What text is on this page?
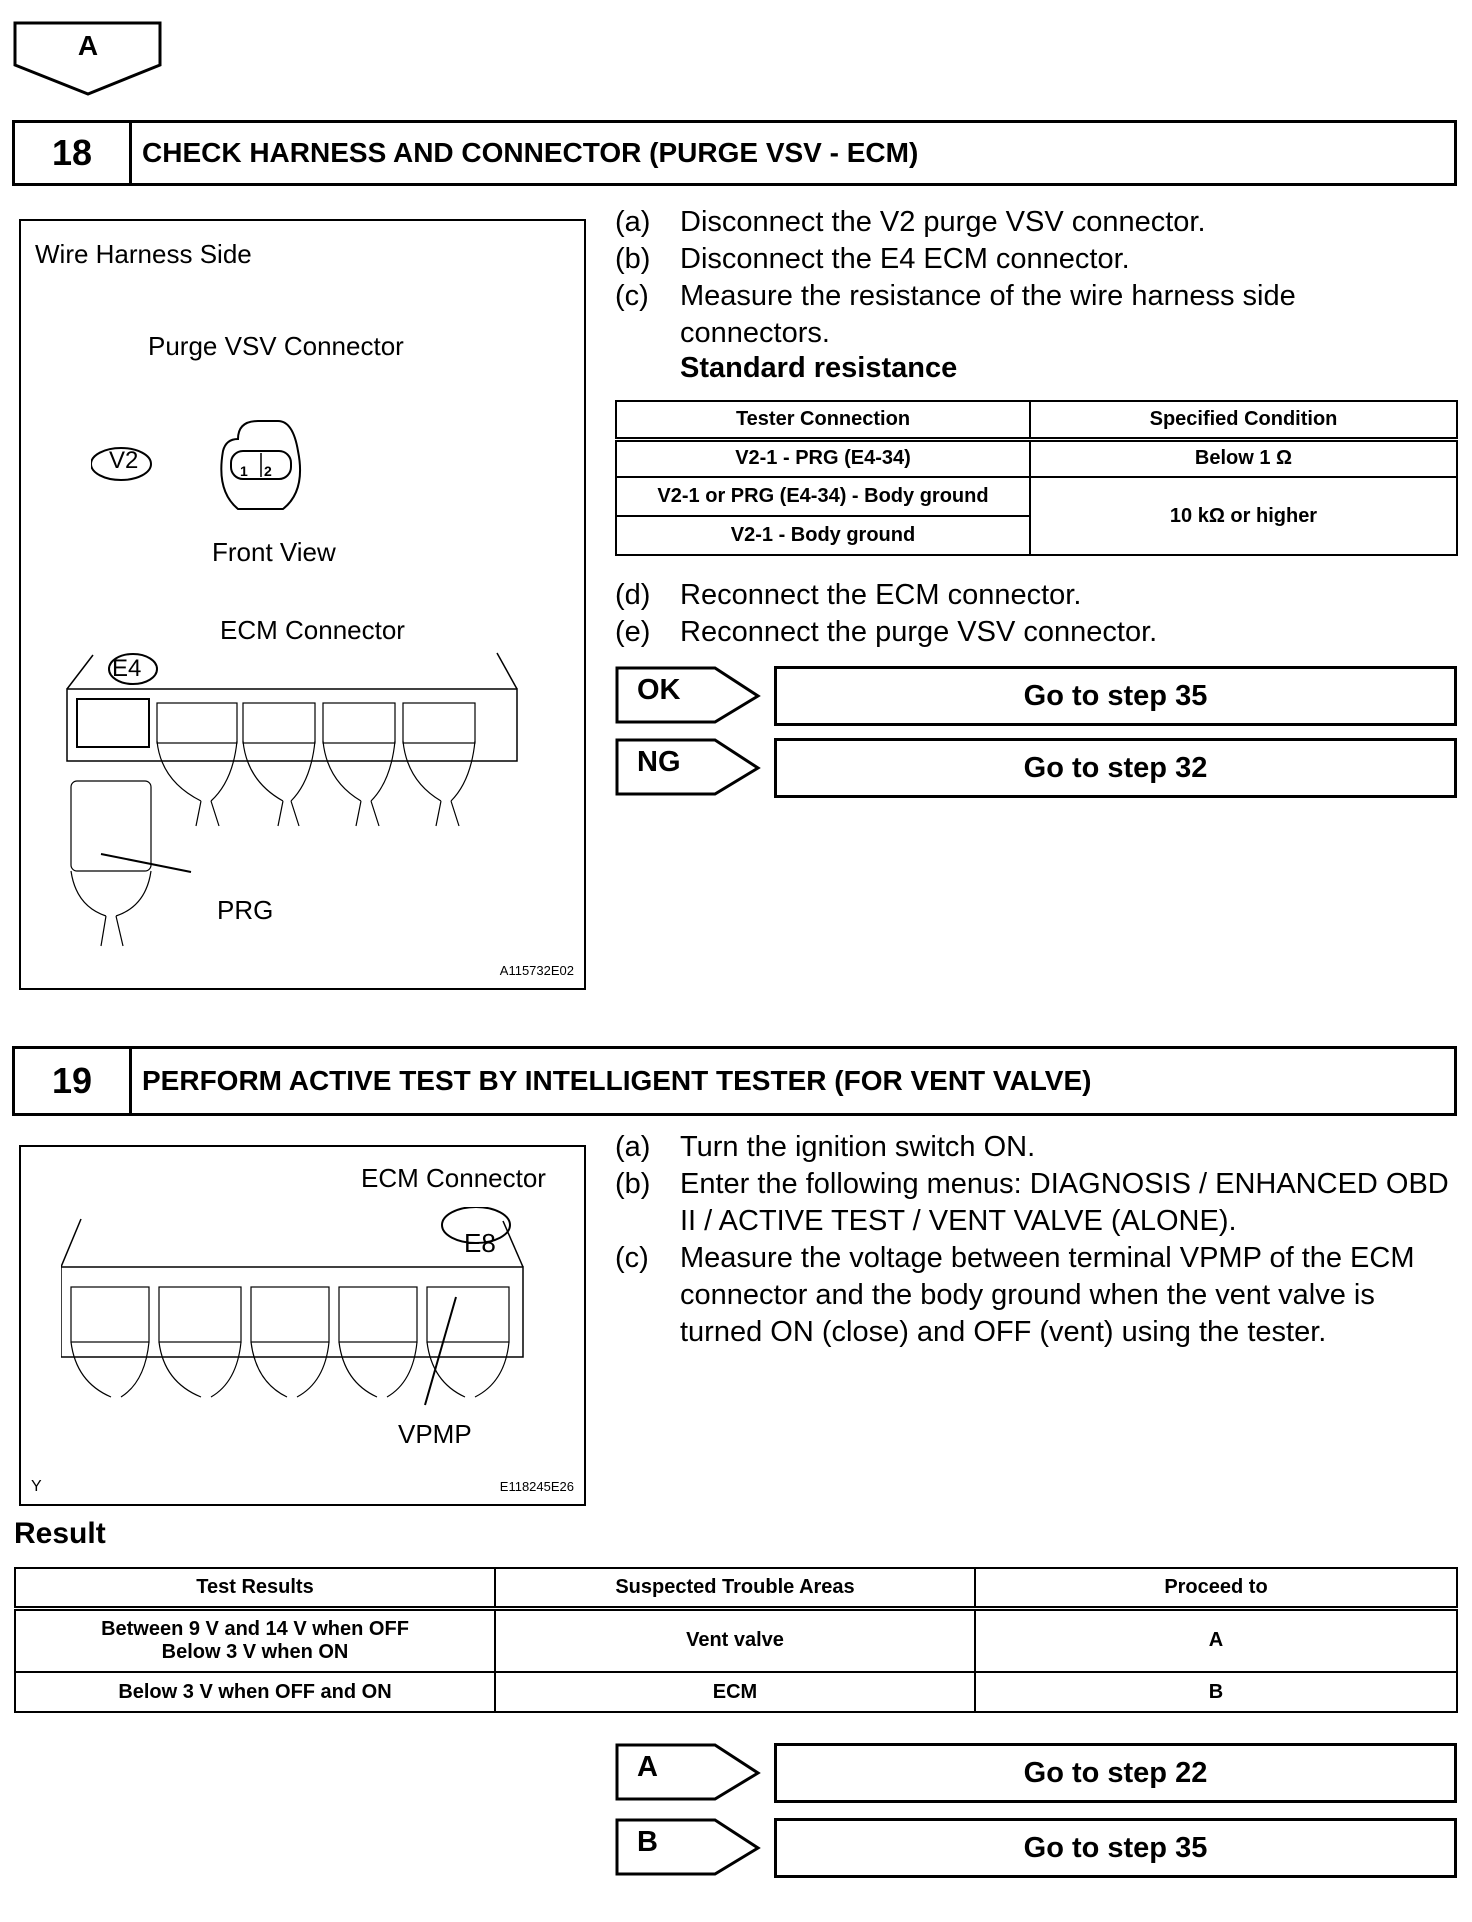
A
18	CHECK HARNESS AND CONNECTOR (PURGE VSV - ECM)
Wire Harness Side
Purge VSV Connector
V2	1 2
Front View
ECM Connector
E4
PRG
A115732E02
(a) Disconnect the V2 purge VSV connector.
(b) Disconnect the E4 ECM connector.
(c) Measure the resistance of the wire harness side connectors.
Standard resistance
Tester Connection	Specified Condition
V2-1 - PRG (E4-34)	Below 1 Ω
V2-1 or PRG (E4-34) - Body ground	10 kΩ or higher
V2-1 - Body ground	
(d) Reconnect the ECM connector.
(e) Reconnect the purge VSV connector.
OK	Go to step 35
NG	Go to step 32
19	PERFORM ACTIVE TEST BY INTELLIGENT TESTER (FOR VENT VALVE)
ECM Connector
E8
VPMP
Y	E118245E26
(a) Turn the ignition switch ON.
(b) Enter the following menus: DIAGNOSIS / ENHANCED OBD II / ACTIVE TEST / VENT VALVE (ALONE).
(c) Measure the voltage between terminal VPMP of the ECM connector and the body ground when the vent valve is turned ON (close) and OFF (vent) using the tester.
Result
Test Results	Suspected Trouble Areas	Proceed to

Between 9 V and 14 V when OFF
Below 3 V when ON	Vent valve	A
Below 3 V when OFF and ON	ECM	B
A	Go to step 22
B	Go to step 35
